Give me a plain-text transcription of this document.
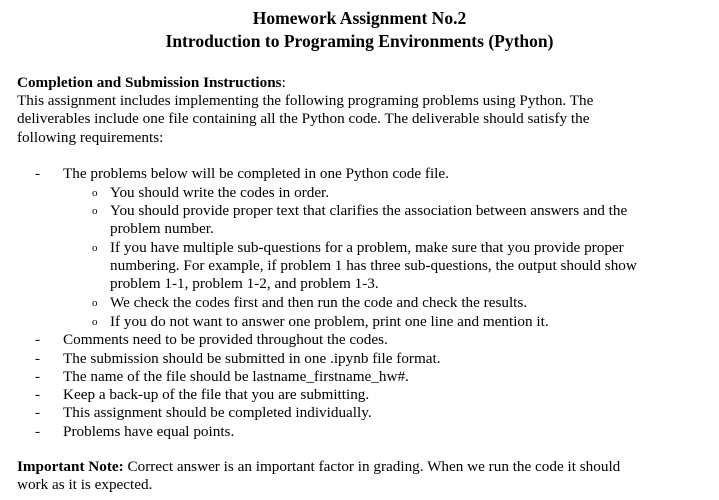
Homework Assignment No.2
Introduction to Programing Environments (Python)
Completion and Submission Instructions:
This assignment includes implementing the following programing problems using Python. The
deliverables include one file containing all the Python code. The deliverable should satisfy the
following requirements:
- The problems below will be completed in one Python code file.
o You should write the codes in order.
o You should provide proper text that clarifies the association between answers and the
problem number.
o If you have multiple sub-questions for a problem, make sure that you provide proper
numbering. For example, if problem 1 has three sub-questions, the output should show
problem 1-1, problem 1-2, and problem 1-3.
o We check the codes first and then run the code and check the results.
o If you do not want to answer one problem, print one line and mention it.
- Comments need to be provided throughout the codes.
- The submission should be submitted in one .ipynb file format.
- The name of the file should be lastname_firstname_hw#.
- Keep a back-up of the file that you are submitting.
- This assignment should be completed individually.
- Problems have equal points.
Important Note: Correct answer is an important factor in grading. When we run the code it should
work as it is expected.
